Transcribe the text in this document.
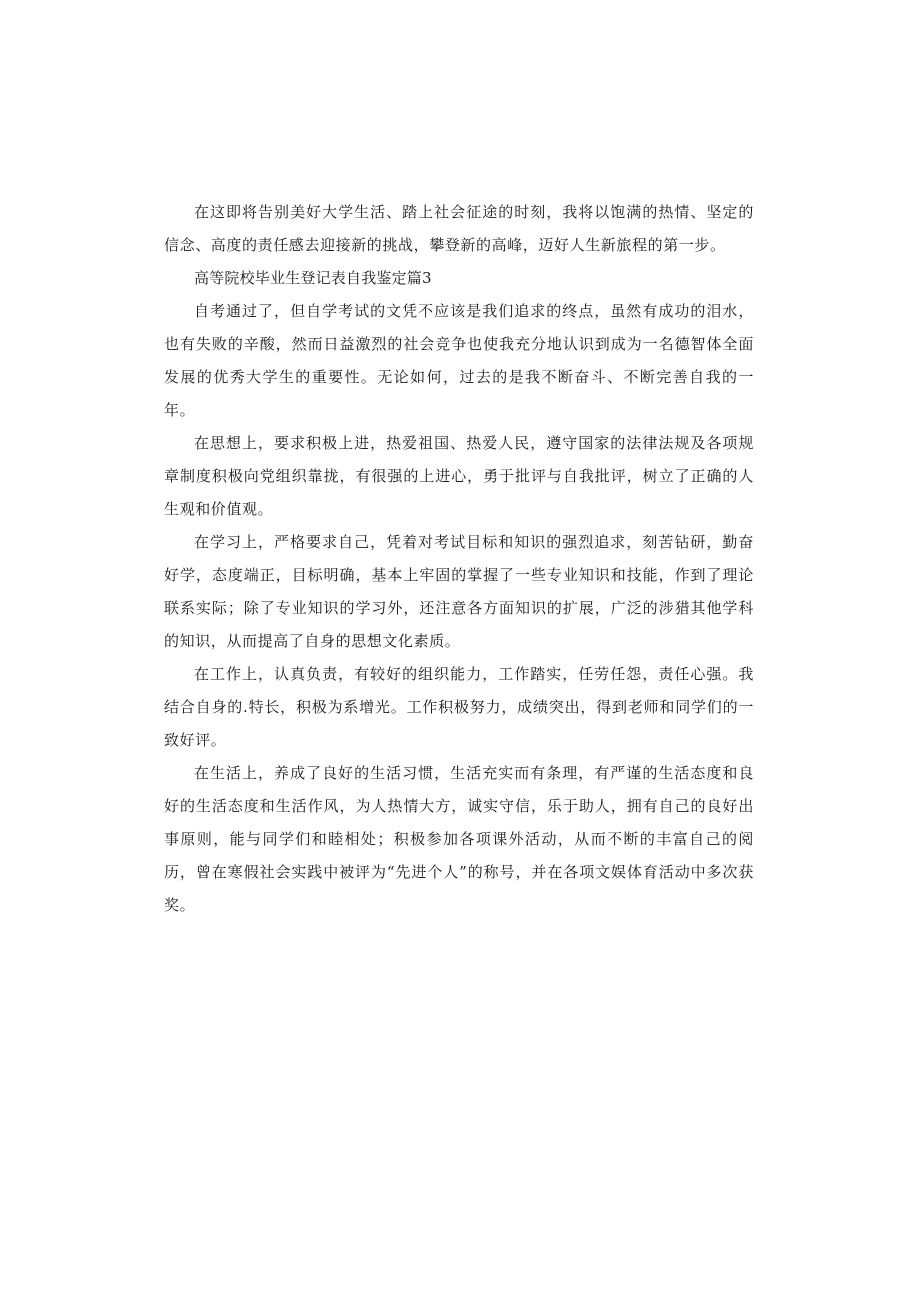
在这即将告别美好大学生活、踏上社会征途的时刻，我将以饱满的热情、坚定的信念、高度的责任感去迎接新的挑战，攀登新的高峰，迈好人生新旅程的第一步。

高等院校毕业生登记表自我鉴定篇3

自考通过了，但自学考试的文凭不应该是我们追求的终点，虽然有成功的泪水，也有失败的辛酸，然而日益激烈的社会竞争也使我充分地认识到成为一名德智体全面发展的优秀大学生的重要性。无论如何，过去的是我不断奋斗、不断完善自我的一年。

在思想上，要求积极上进，热爱祖国、热爱人民，遵守国家的法律法规及各项规章制度积极向党组织靠拢，有很强的上进心，勇于批评与自我批评，树立了正确的人生观和价值观。

在学习上，严格要求自己，凭着对考试目标和知识的强烈追求，刻苦钻研，勤奋好学，态度端正，目标明确，基本上牢固的掌握了一些专业知识和技能，作到了理论联系实际；除了专业知识的学习外，还注意各方面知识的扩展，广泛的涉猎其他学科的知识，从而提高了自身的思想文化素质。

在工作上，认真负责，有较好的组织能力，工作踏实，任劳任怨，责任心强。我结合自身的.特长，积极为系增光。工作积极努力，成绩突出，得到老师和同学们的一致好评。

在生活上，养成了良好的生活习惯，生活充实而有条理，有严谨的生活态度和良好的生活态度和生活作风，为人热情大方，诚实守信，乐于助人，拥有自己的良好出事原则，能与同学们和睦相处；积极参加各项课外活动，从而不断的丰富自己的阅历，曾在寒假社会实践中被评为“先进个人”的称号，并在各项文娱体育活动中多次获奖。
